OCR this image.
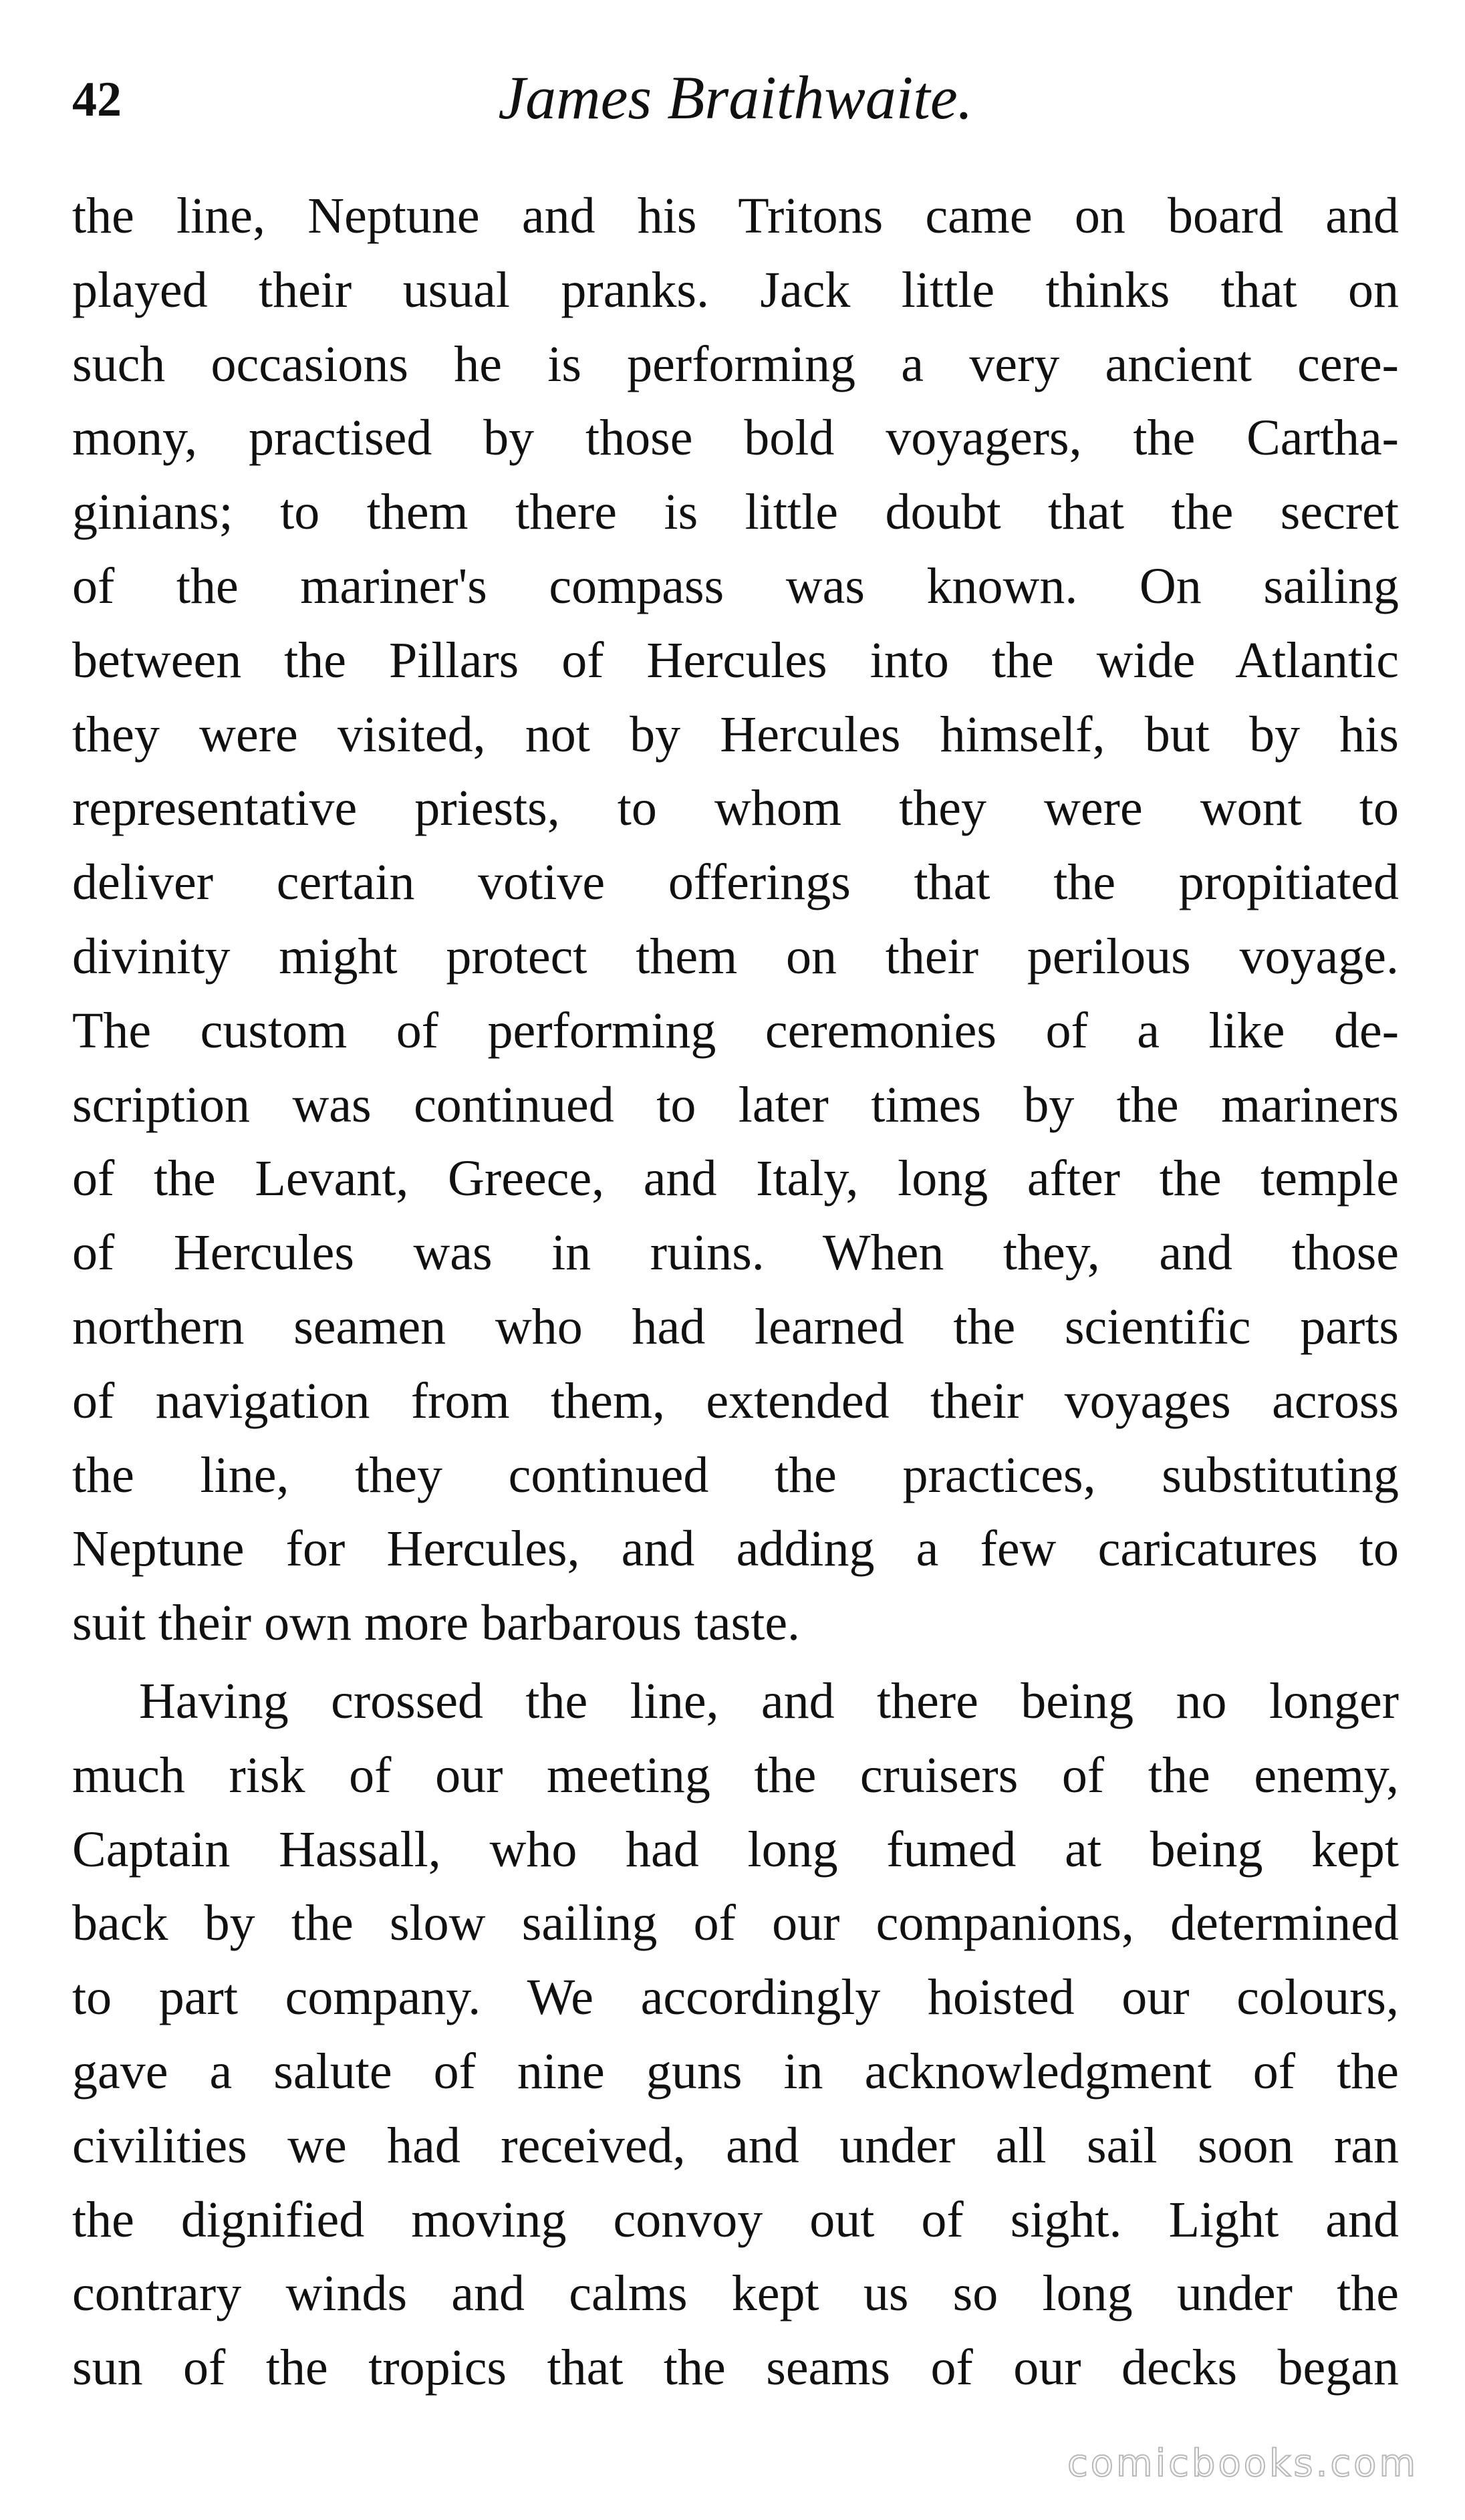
42	James Braithwaite.
the line, Neptune and his Tritons came on board and
played their usual pranks. Jack little thinks that on
such occasions he is performing a very ancient cere-
mony, practised by those bold voyagers, the Cartha-
ginians; to them there is little doubt that the secret
of the mariner's compass was known. On sailing
between the Pillars of Hercules into the wide Atlantic
they were visited, not by Hercules himself, but by his
representative priests, to whom they were wont to
deliver certain votive offerings that the propitiated
divinity might protect them on their perilous voyage.
The custom of performing ceremonies of a like de-
scription was continued to later times by the mariners
of the Levant, Greece, and Italy, long after the temple
of Hercules was in ruins. When they, and those
northern seamen who had learned the scientific parts
of navigation from them, extended their voyages across
the line, they continued the practices, substituting
Neptune for Hercules, and adding a few caricatures to
suit their own more barbarous taste.
Having crossed the line, and there being no longer
much risk of our meeting the cruisers of the enemy,
Captain Hassall, who had long fumed at being kept
back by the slow sailing of our companions, determined
to part company. We accordingly hoisted our colours,
gave a salute of nine guns in acknowledgment of the
civilities we had received, and under all sail soon ran
the dignified moving convoy out of sight. Light and
contrary winds and calms kept us so long under the
sun of the tropics that the seams of our decks began
comicbooks.com
